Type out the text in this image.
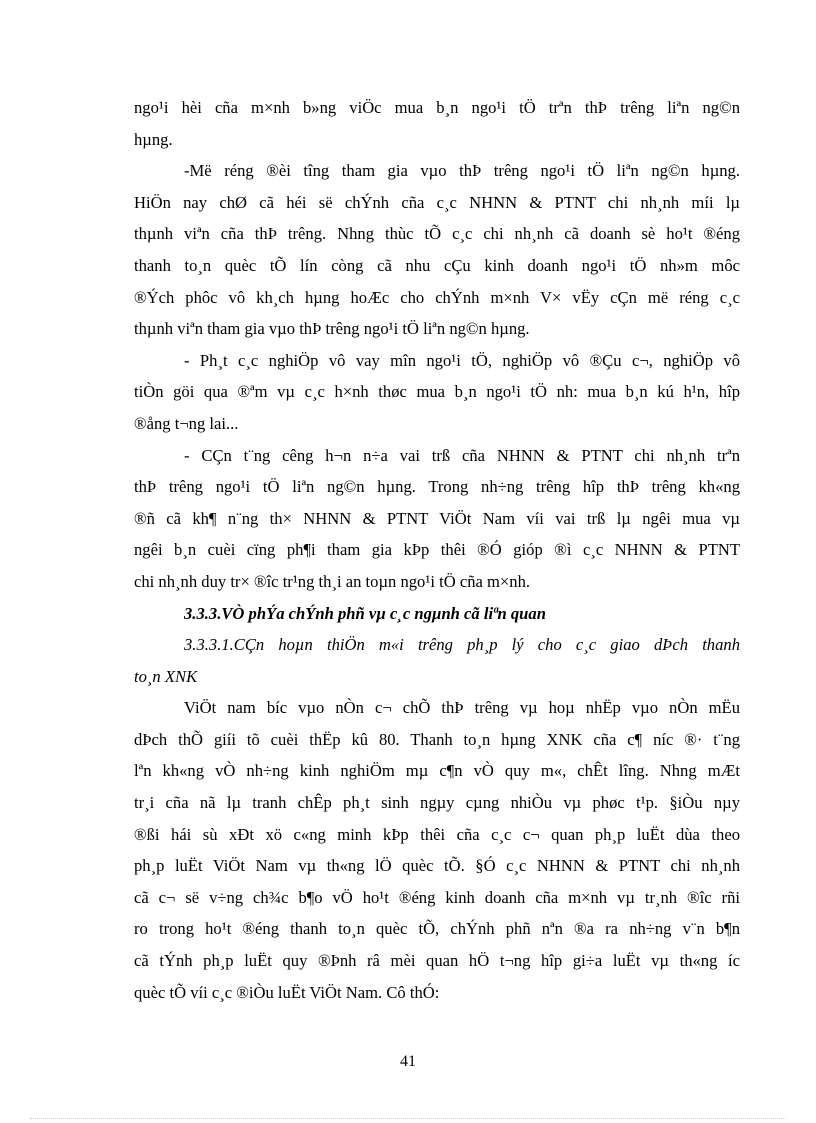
ngo¹i hèi cña m×nh b»ng viÖc mua b¸n ngo¹i tÖ trªn thÞ trêng liªn ng©n
hµng.
-Më réng ®èi tîng tham gia vµo thÞ trêng ngo¹i tÖ liªn ng©n hµng.
HiÖn nay chØ cã héi së chÝnh cña c¸c NHNN & PTNT chi nh¸nh míi lµ
thµnh viªn cña thÞ trêng. Nhng thùc tÕ c¸c chi nh¸nh cã doanh sè ho¹t ®éng
thanh to¸n quèc tÕ lín còng cã nhu cÇu kinh doanh ngo¹i tÖ nh»m môc
®Ých phôc vô kh¸ch hµng hoÆc cho chÝnh m×nh V× vËy cÇn më réng c¸c
thµnh viªn tham gia vµo thÞ trêng ngo¹i tÖ liªn ng©n hµng.
- Ph¸t c¸c nghiÖp vô vay mîn ngo¹i tÖ, nghiÖp vô ®Çu c¬, nghiÖp vô
tiÒn göi qua ®ªm vµ c¸c h×nh thøc mua b¸n ngo¹i tÖ nh: mua b¸n kú h¹n, hîp
®ång t¬ng lai...
- CÇn t¨ng cêng h¬n n÷a vai trß cña NHNN & PTNT chi nh¸nh trªn
thÞ trêng ngo¹i tÖ liªn ng©n hµng. Trong nh÷ng trêng hîp thÞ trêng kh«ng
®ñ cã kh¶ n¨ng th× NHNN & PTNT ViÖt Nam víi vai trß lµ ngêi mua vµ
ngêi b¸n cuèi cïng ph¶i tham gia kÞp thêi ®Ó gióp ®ì c¸c NHNN & PTNT
chi nh¸nh duy tr× ®îc tr¹ng th¸i an toµn ngo¹i tÖ cña m×nh.
3.3.3.VÒ phÝa chÝnh phñ vµ c¸c ngµnh cã liªn quan
3.3.3.1.CÇn hoµn thiÖn m«i trêng ph¸p lý cho c¸c giao dÞch thanh
to¸n XNK
ViÖt nam bíc vµo nÒn c¬ chÕ thÞ trêng vµ hoµ nhËp vµo nÒn mËu
dÞch thÕ giíi tõ cuèi thËp kû 80. Thanh to¸n hµng XNK cña c¶ níc ®· t¨ng
lªn kh«ng vÒ nh÷ng kinh nghiÖm mµ c¶n vÒ quy m«, chÊt lîng. Nhng mÆt
tr¸i cña nã lµ tranh chÊp ph¸t sinh ngµy cµng nhiÒu vµ phøc t¹p. §iÒu nµy
®ßi hái sù xÐt xö c«ng minh kÞp thêi cña c¸c c¬ quan ph¸p luËt dùa theo
ph¸p luËt ViÖt Nam vµ th«ng lÖ quèc tÕ. §Ó c¸c NHNN & PTNT chi nh¸nh
cã c¬ së v÷ng ch¾c b¶o vÖ ho¹t ®éng kinh doanh cña m×nh vµ tr¸nh ®îc rñi
ro trong ho¹t ®éng thanh to¸n quèc tÕ, chÝnh phñ nªn ®a ra nh÷ng v¨n b¶n
cã tÝnh ph¸p luËt quy ®Þnh râ mèi quan hÖ t¬ng hîp gi÷a luËt vµ th«ng íc
quèc tÕ víi c¸c ®iÒu luËt ViÖt Nam. Cô thÓ:
41
